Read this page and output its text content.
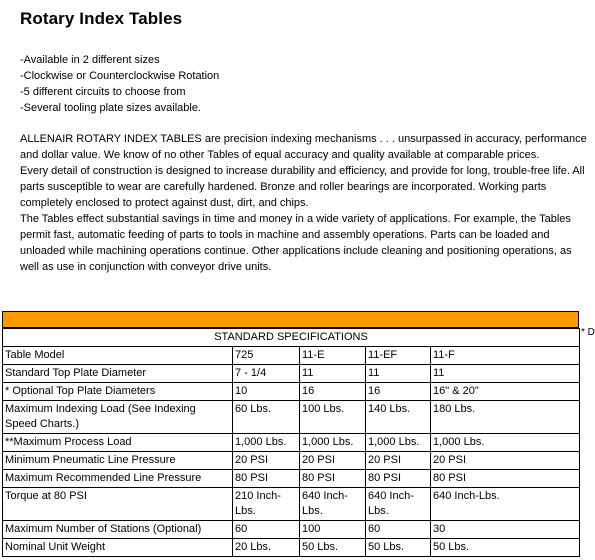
Rotary Index Tables
-Available in 2 different sizes
-Clockwise or Counterclockwise Rotation
-5 different circuits to choose from
-Several tooling plate sizes available.

ALLENAIR ROTARY INDEX TABLES are precision indexing mechanisms . . . unsurpassed in accuracy, performance and dollar value. We know of no other Tables of equal accuracy and quality available at comparable prices.

Every detail of construction is designed to increase durability and efficiency, and provide for long, trouble-free life. All parts susceptible to wear are carefully hardened. Bronze and roller bearings are incorporated. Working parts completely enclosed to protect against dust, dirt, and chips.

The Tables effect substantial savings in time and money in a wide variety of applications. For example, the Tables permit fast, automatic feeding of parts to tools in machine and assembly operations. Parts can be loaded and unloaded while machining operations continue. Other applications include cleaning and positioning operations, as well as use in conjunction with conveyor drive units.

STANDARD SPECIFICATIONS				
Table Model	725	11-E	11-EF	11-F
Standard Top Plate Diameter	7 - 1/4	11	11	11
* Optional Top Plate Diameters	10	16	16	16" & 20"
Maximum Indexing Load (See Indexing Speed Charts.)	60 Lbs.	100 Lbs.	140 Lbs.	180 Lbs.
**Maximum Process Load	1,000 Lbs.	1,000 Lbs.	1,000 Lbs.	1,000 Lbs.
Minimum Pneumatic Line Pressure	20 PSI	20 PSI	20 PSI	20 PSI
Maximum Recommended Line Pressure	80 PSI	80 PSI	80 PSI	80 PSI
Torque at 80 PSI	210 Inch-Lbs.	640 Inch-Lbs.	640 Inch-Lbs.	640 Inch-Lbs.
Maximum Number of Stations (Optional)	60	100	60	30
Nominal Unit Weight	20 Lbs.	50 Lbs.	50 Lbs.	50 Lbs.
* D
